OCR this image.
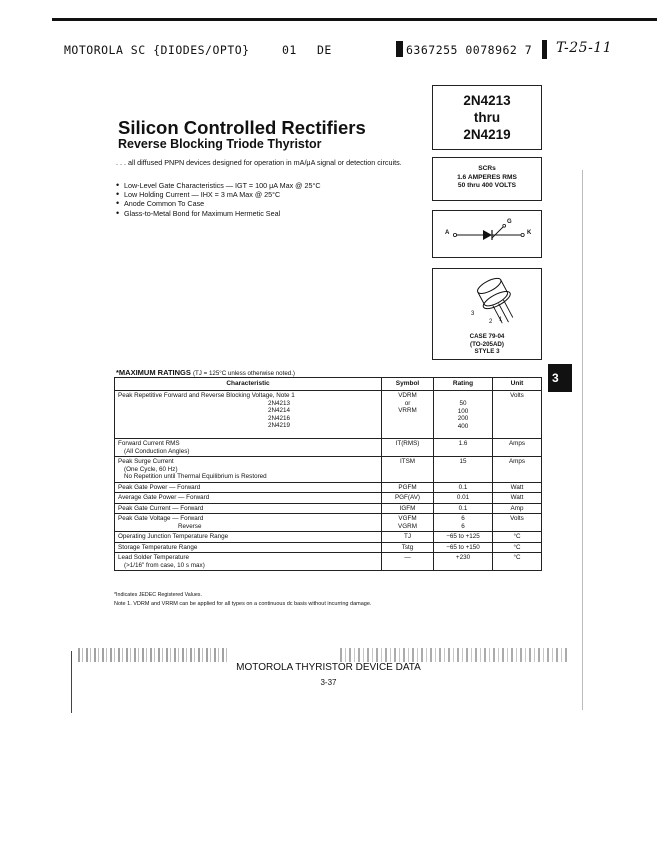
MOTOROLA SC {DIODES/OPTO}	01 DE	6367255 0078962 7 T-25-11
Silicon Controlled Rectifiers
Reverse Blocking Triode Thyristor
. . . all diffused PNPN devices designed for operation in mA/μA signal or detection circuits.
• Low-Level Gate Characteristics — IGT = 100 μA Max @ 25°C
• Low Holding Current — IHX = 3 mA Max @ 25°C
• Anode Common To Case
• Glass-to-Metal Bond for Maximum Hermetic Seal
2N4213
thru
2N4219
SCRs
1.6 AMPERES RMS
50 thru 400 VOLTS
A	K
G
3
2 1
CASE 79-04
(TO-205AD)
STYLE 3
3
*MAXIMUM RATINGS (TJ = 125°C unless otherwise noted.)
Characteristic	Symbol	Rating	Unit

Peak Repetitive Forward and Reverse Blocking Voltage, Note 1
2N4213
2N4214
2N4216
2N4219	VDRM
or
VRRM	50
100
200
400	Volts

Forward Current RMS
(All Conduction Angles)	IT(RMS)	1.6	Amps

Peak Surge Current
(One Cycle, 60 Hz)
No Repetition until Thermal Equilibrium is Restored	ITSM	15	Amps
Peak Gate Power — Forward	PGFM	0.1	Watt
Average Gate Power — Forward	PGF(AV)	0.01	Watt
Peak Gate Current — Forward	IGFM	0.1	Amp

Peak Gate Voltage — Forward
Reverse	VGFM
VGRM	6
6	Volts
Operating Junction Temperature Range	TJ	−65 to +125	°C
Storage Temperature Range	Tstg	−65 to +150	°C

Lead Solder Temperature
(>1/16" from case, 10 s max)	—	+230	°C
*Indicates JEDEC Registered Values.
Note 1. VDRM and VRRM can be applied for all types on a continuous dc basis without incurring damage.
MOTOROLA THYRISTOR DEVICE DATA
3-37
